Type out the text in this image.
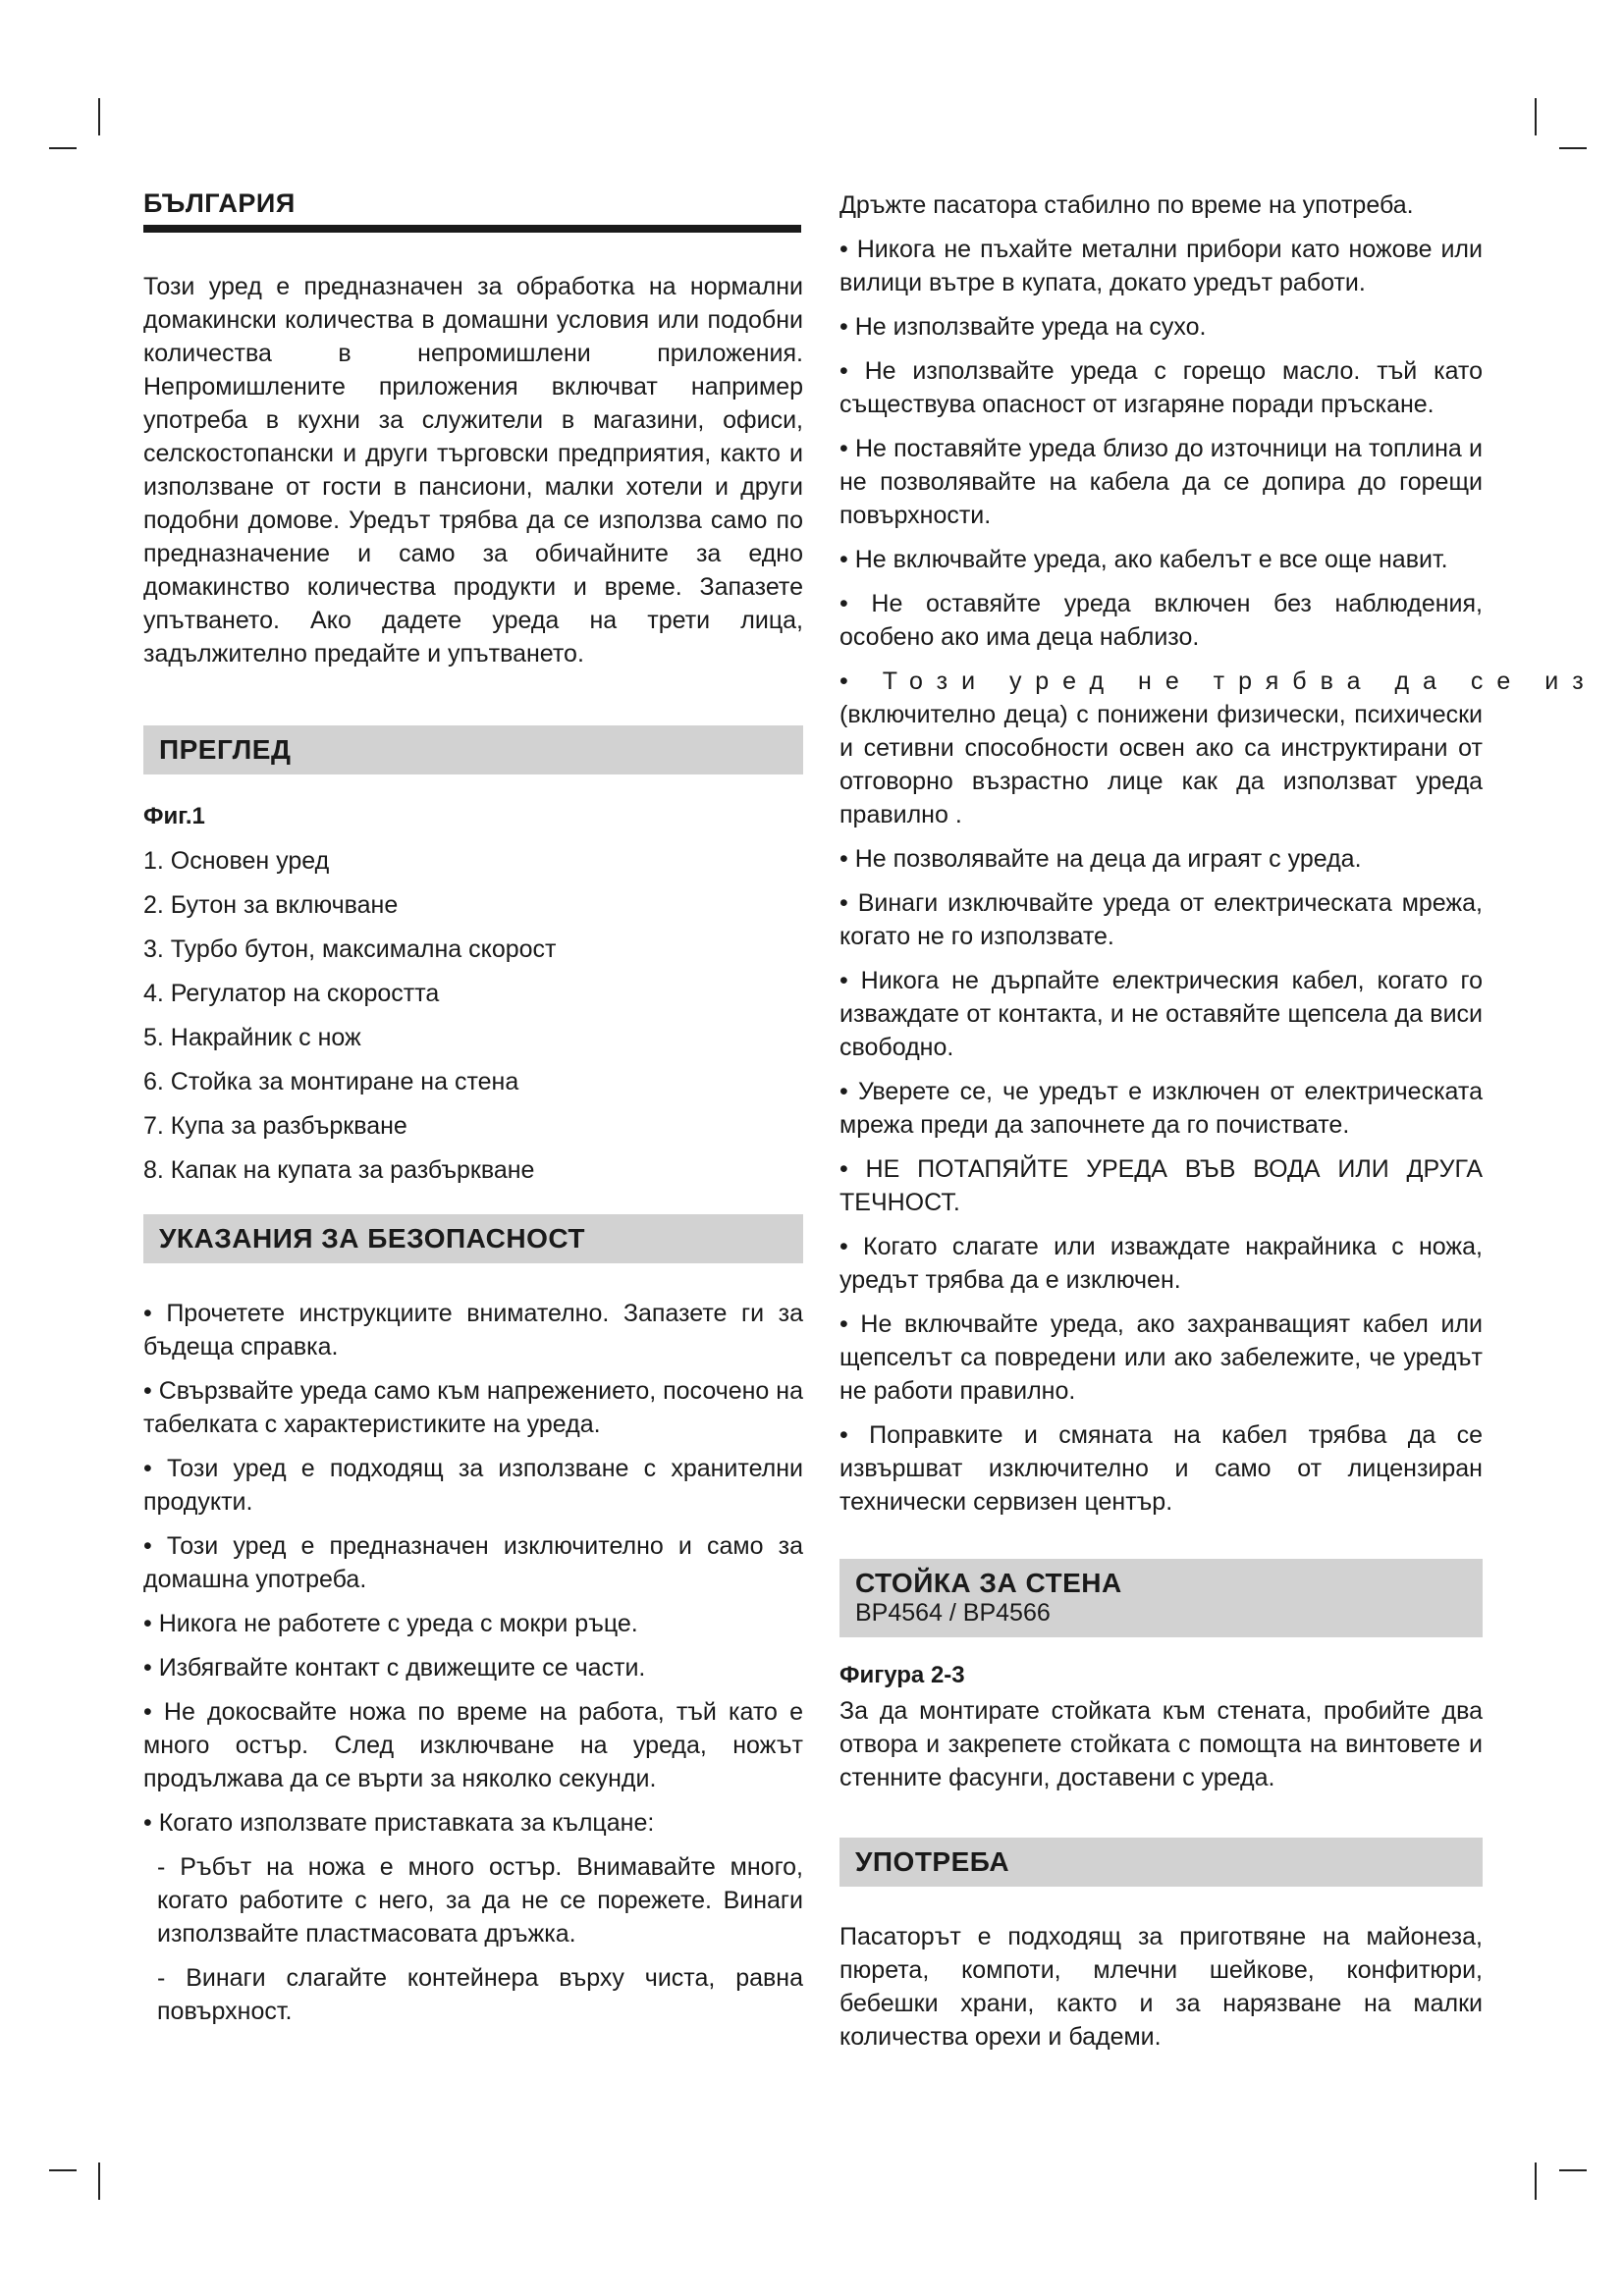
БЪЛГАРИЯ

Този уред е предназначен за обработка на нормални домакински количества в домашни условия или подобни количества в непромишлени приложения. Непромишлените приложения включват например употреба в кухни за служители в магазини, офиси, селскостопански и други търговски предприятия, както и използване от гости в пансиони, малки хотели и други подобни домове. Уредът трябва да се използва само по предназначение и само за обичайните за едно домакинство количества продукти и време. Запазете упътването. Ако дадете уреда на трети лица, задължително предайте и упътването.

ПРЕГЛЕД

Фиг.1

1. Основен уред

2. Бутон за включване

3. Турбо бутон, максимална скорост

4. Регулатор на скоростта

5. Накрайник с нож

6. Стойка за монтиране на стена

7. Купа за разбъркване

8. Капак на купата за разбъркване

УКАЗАНИЯ ЗА БЕЗОПАСНОСТ

• Прочетете инструкциите внимателно. Запазете ги за бъдеща справка.

• Свързвайте уреда само към напрежението, посочено на табелката с характеристиките на уреда.

• Този уред е подходящ за използване с хранителни продукти.

• Този уред е предназначен изключително и само за домашна употреба.

• Никога не работете с уреда с мокри ръце.

• Избягвайте контакт с движещите се части.

• Не докосвайте ножа по време на работа, тъй като е много остър. След изключване на уреда, ножът продължава да се върти за няколко секунди.

• Когато използвате приставката за кълцане:

- Ръбът на ножа е много остър. Внимавайте много, когато работите с него, за да не се порежете. Винаги използвайте пластмасовата дръжка.

- Винаги слагайте контейнера върху чиста, равна повърхност.

Дръжте пасатора стабилно по време на употреба.

• Никога не пъхайте метални прибори като ножове или вилици вътре в купата, докато уредът работи.

• Не използвайте уреда на сухо.

• Не използвайте уреда с горещо масло. тъй като съществува опасност от изгаряне поради пръскане.

• Не поставяйте уреда близо до източници на топлина и не позволявайте на кабела да се допира до горещи повърхности.

• Не включвайте уреда, ако кабелът е все още навит.

• Не оставяйте уреда включен без наблюдения, особено ако има деца наблизо.

• Този уред не трябва да се из

(включително деца) с понижени физически, психически и сетивни способности освен ако са инструктирани от отговорно възрастно лице как да използват уреда правилно .

• Не позволявайте на деца да играят с уреда.

• Винаги изключвайте уреда от електрическата мрежа, когато не го използвате.

• Никога не дърпайте електрическия кабел, когато го изваждате от контакта, и не оставяйте щепсела да виси свободно.

• Уверете се, че уредът е изключен от електрическата мрежа преди да започнете да го почиствате.

• НЕ ПОТАПЯЙТЕ УРЕДА ВЪВ ВОДА ИЛИ ДРУГА ТЕЧНОСТ.

• Когато слагате или изваждате накрайника с ножа, уредът трябва да е изключен.

• Не включвайте уреда, ако захранващият кабел или щепселът са повредени или ако забележите, че уредът не работи правилно.

• Поправките и смяната на кабел трябва да се извършват изключително и само от лицензиран технически сервизен център.

СТОЙКА ЗА СТЕНА
BP4564 / BP4566

Фигура 2-3

За да монтирате стойката към стената, пробийте два отвора и закрепете стойката с помощта на винтовете и стенните фасунги, доставени с уреда.

УПОТРЕБА

Пасаторът е подходящ за приготвяне на майонеза, пюрета, компоти, млечни шейкове, конфитюри, бебешки храни, както и за нарязване на малки количества орехи и бадеми.
